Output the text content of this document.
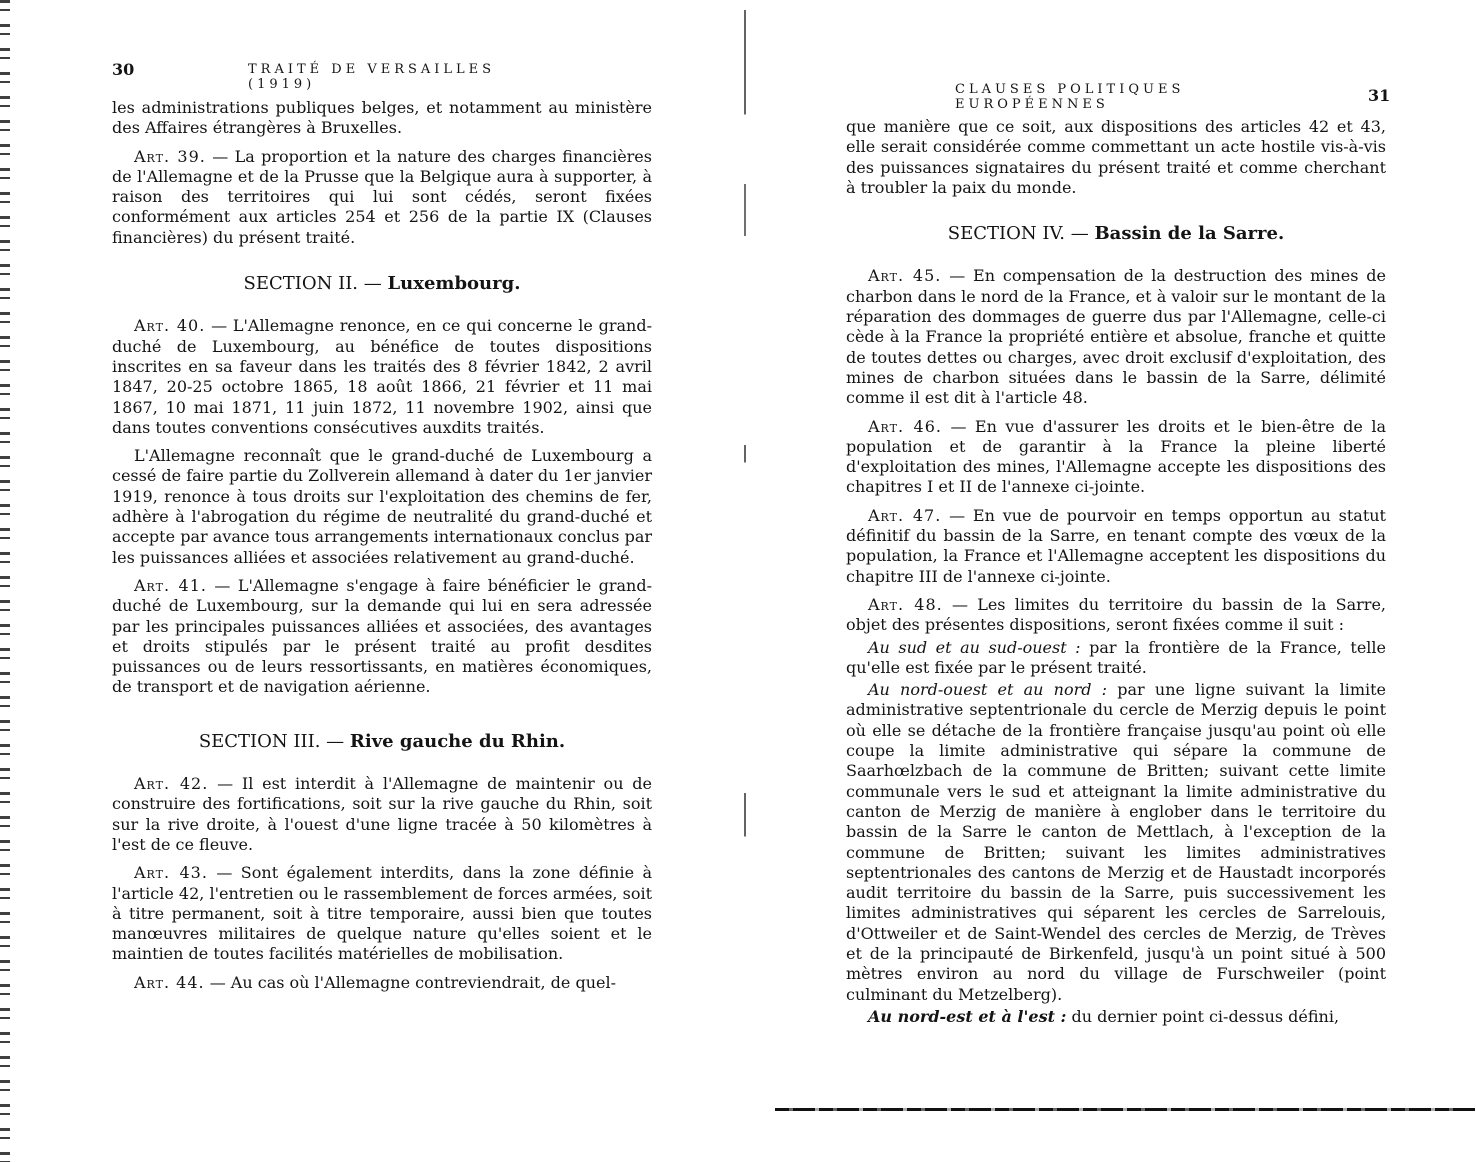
30	TRAITÉ DE VERSAILLES (1919)

les administrations publiques belges, et notamment au ministère des Affaires étrangères à Bruxelles.

Art. 39. — La proportion et la nature des charges financières de l'Allemagne et de la Prusse que la Belgique aura à supporter, à raison des territoires qui lui sont cédés, seront fixées conformément aux articles 254 et 256 de la partie IX (Clauses financières) du présent traité.

SECTION II. — Luxembourg.

Art. 40. — L'Allemagne renonce, en ce qui concerne le grand-duché de Luxembourg, au bénéfice de toutes dispositions inscrites en sa faveur dans les traités des 8 février 1842, 2 avril 1847, 20-25 octobre 1865, 18 août 1866, 21 février et 11 mai 1867, 10 mai 1871, 11 juin 1872, 11 novembre 1902, ainsi que dans toutes conventions consécutives auxdits traités.

L'Allemagne reconnaît que le grand-duché de Luxembourg a cessé de faire partie du Zollverein allemand à dater du 1er janvier 1919, renonce à tous droits sur l'exploitation des chemins de fer, adhère à l'abrogation du régime de neutralité du grand-duché et accepte par avance tous arrangements internationaux conclus par les puissances alliées et associées relativement au grand-duché.

Art. 41. — L'Allemagne s'engage à faire bénéficier le grand-duché de Luxembourg, sur la demande qui lui en sera adressée par les principales puissances alliées et associées, des avantages et droits stipulés par le présent traité au profit desdites puissances ou de leurs ressortissants, en matières économiques, de transport et de navigation aérienne.

SECTION III. — Rive gauche du Rhin.

Art. 42. — Il est interdit à l'Allemagne de maintenir ou de construire des fortifications, soit sur la rive gauche du Rhin, soit sur la rive droite, à l'ouest d'une ligne tracée à 50 kilomètres à l'est de ce fleuve.

Art. 43. — Sont également interdits, dans la zone définie à l'article 42, l'entretien ou le rassemblement de forces armées, soit à titre permanent, soit à titre temporaire, aussi bien que toutes manœuvres militaires de quelque nature qu'elles soient et le maintien de toutes facilités matérielles de mobilisation.

Art. 44. — Au cas où l'Allemagne contreviendrait, de quel-

CLAUSES POLITIQUES EUROPÉENNES	31

que manière que ce soit, aux dispositions des articles 42 et 43, elle serait considérée comme commettant un acte hostile vis-à-vis des puissances signataires du présent traité et comme cherchant à troubler la paix du monde.

SECTION IV. — Bassin de la Sarre.

Art. 45. — En compensation de la destruction des mines de charbon dans le nord de la France, et à valoir sur le montant de la réparation des dommages de guerre dus par l'Allemagne, celle-ci cède à la France la propriété entière et absolue, franche et quitte de toutes dettes ou charges, avec droit exclusif d'exploitation, des mines de charbon situées dans le bassin de la Sarre, délimité comme il est dit à l'article 48.

Art. 46. — En vue d'assurer les droits et le bien-être de la population et de garantir à la France la pleine liberté d'exploitation des mines, l'Allemagne accepte les dispositions des chapitres I et II de l'annexe ci-jointe.

Art. 47. — En vue de pourvoir en temps opportun au statut définitif du bassin de la Sarre, en tenant compte des vœux de la population, la France et l'Allemagne acceptent les dispositions du chapitre III de l'annexe ci-jointe.

Art. 48. — Les limites du territoire du bassin de la Sarre, objet des présentes dispositions, seront fixées comme il suit :

Au sud et au sud-ouest : par la frontière de la France, telle qu'elle est fixée par le présent traité.

Au nord-ouest et au nord : par une ligne suivant la limite administrative septentrionale du cercle de Merzig depuis le point où elle se détache de la frontière française jusqu'au point où elle coupe la limite administrative qui sépare la commune de Saarhœlzbach de la commune de Britten; suivant cette limite communale vers le sud et atteignant la limite administrative du canton de Merzig de manière à englober dans le territoire du bassin de la Sarre le canton de Mettlach, à l'exception de la commune de Britten; suivant les limites administratives septentrionales des cantons de Merzig et de Haustadt incorporés audit territoire du bassin de la Sarre, puis successivement les limites administratives qui séparent les cercles de Sarrelouis, d'Ottweiler et de Saint-Wendel des cercles de Merzig, de Trèves et de la principauté de Birkenfeld, jusqu'à un point situé à 500 mètres environ au nord du village de Furschweiler (point culminant du Metzelberg).

Au nord-est et à l'est : du dernier point ci-dessus défini,
